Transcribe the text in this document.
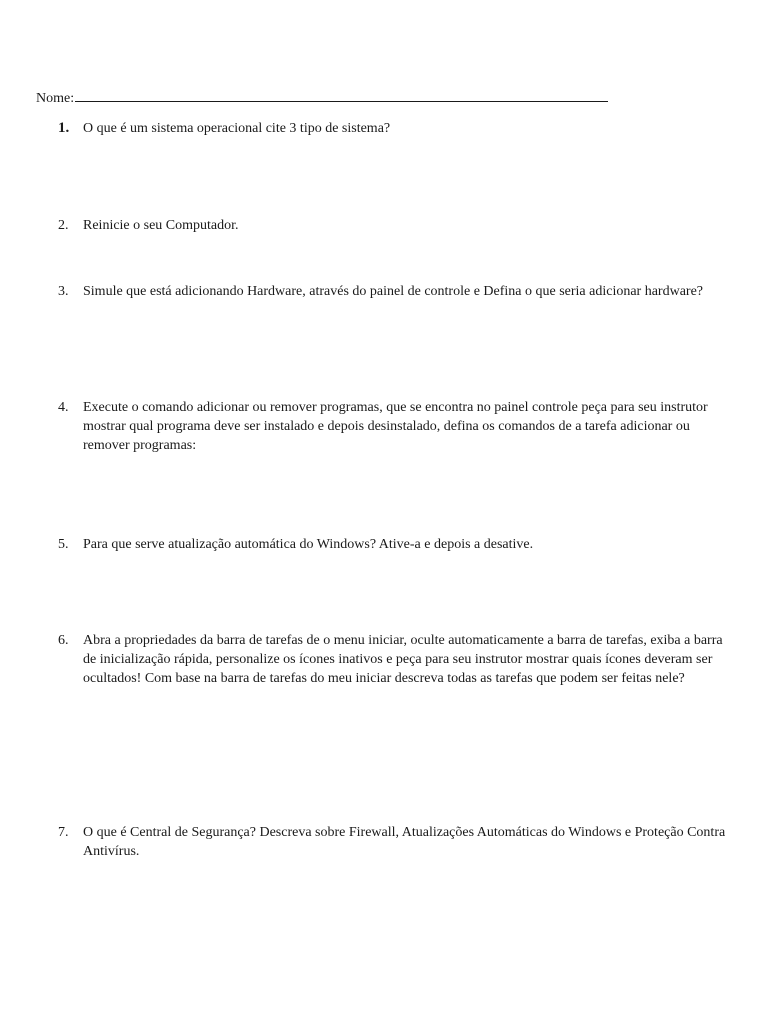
Nome:
1. O que é um sistema operacional cite 3 tipo de sistema?
2.	Reinicie o seu Computador.
3.	Simule que está adicionando Hardware, através do painel de controle e Defina o que seria adicionar hardware?
4.	Execute o comando adicionar ou remover programas, que se encontra no painel controle peça para seu instrutor mostrar qual programa deve ser instalado e depois desinstalado, defina os comandos de a tarefa adicionar ou remover programas:
5.	Para que serve atualização automática do Windows? Ative-a e depois a desative.
6.	Abra a propriedades da barra de tarefas de o menu iniciar, oculte automaticamente a barra de tarefas, exiba a barra de inicialização rápida, personalize os ícones inativos e peça para seu instrutor mostrar quais ícones deveram ser ocultados! Com base na barra de tarefas do meu iniciar descreva todas as tarefas que podem ser feitas nele?
7.	O que é Central de Segurança? Descreva sobre Firewall, Atualizações Automáticas do Windows e Proteção Contra Antivírus.
